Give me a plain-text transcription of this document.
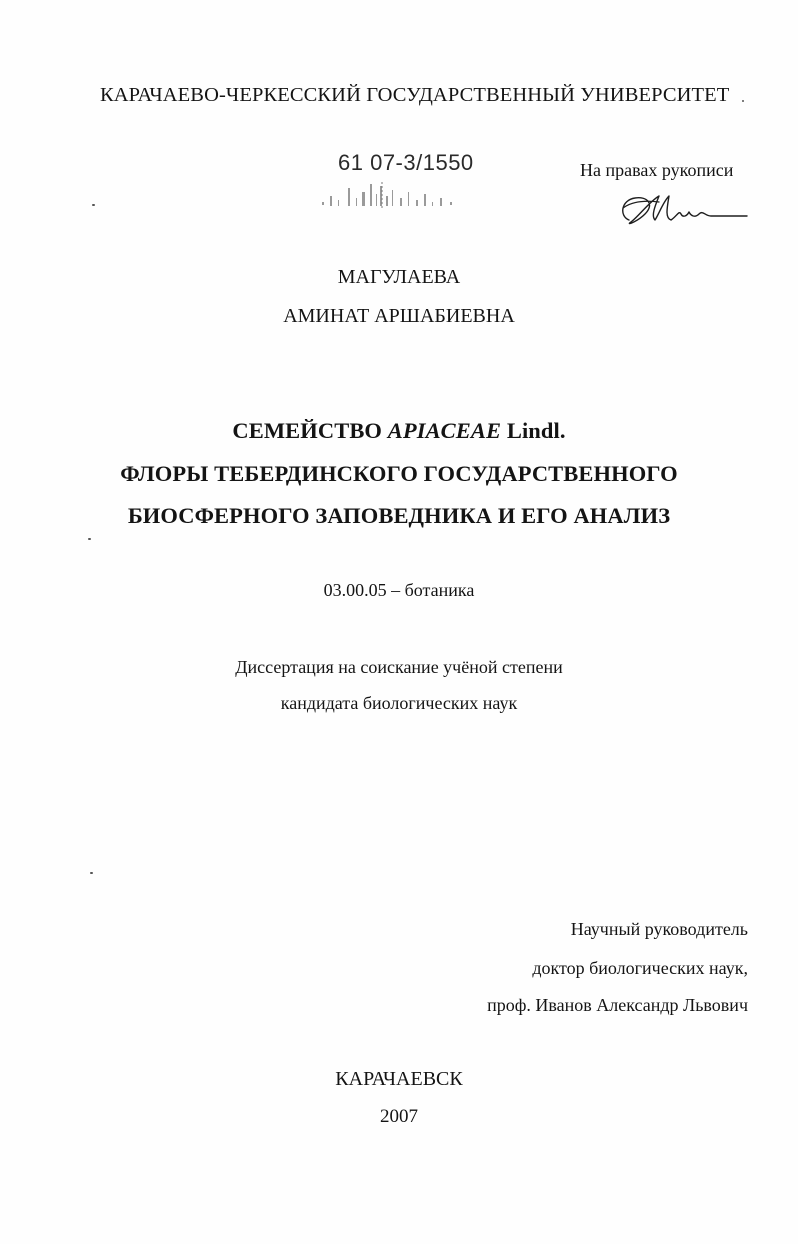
КАРАЧАЕВО-ЧЕРКЕССКИЙ ГОСУДАРСТВЕННЫЙ УНИВЕРСИТЕТ
61 07-3/1550	На правах рукописи
МАГУЛАЕВА
АМИНАТ АРШАБИЕВНА
СЕМЕЙСТВО APIACEAE Lindl.
ФЛОРЫ ТЕБЕРДИНСКОГО ГОСУДАРСТВЕННОГО
БИОСФЕРНОГО ЗАПОВЕДНИКА И ЕГО АНАЛИЗ
03.00.05 – ботаника
Диссертация на соискание учёной степени
кандидата биологических наук
Научный руководитель
доктор биологических наук,
проф. Иванов Александр Львович
КАРАЧАЕВСК
2007
